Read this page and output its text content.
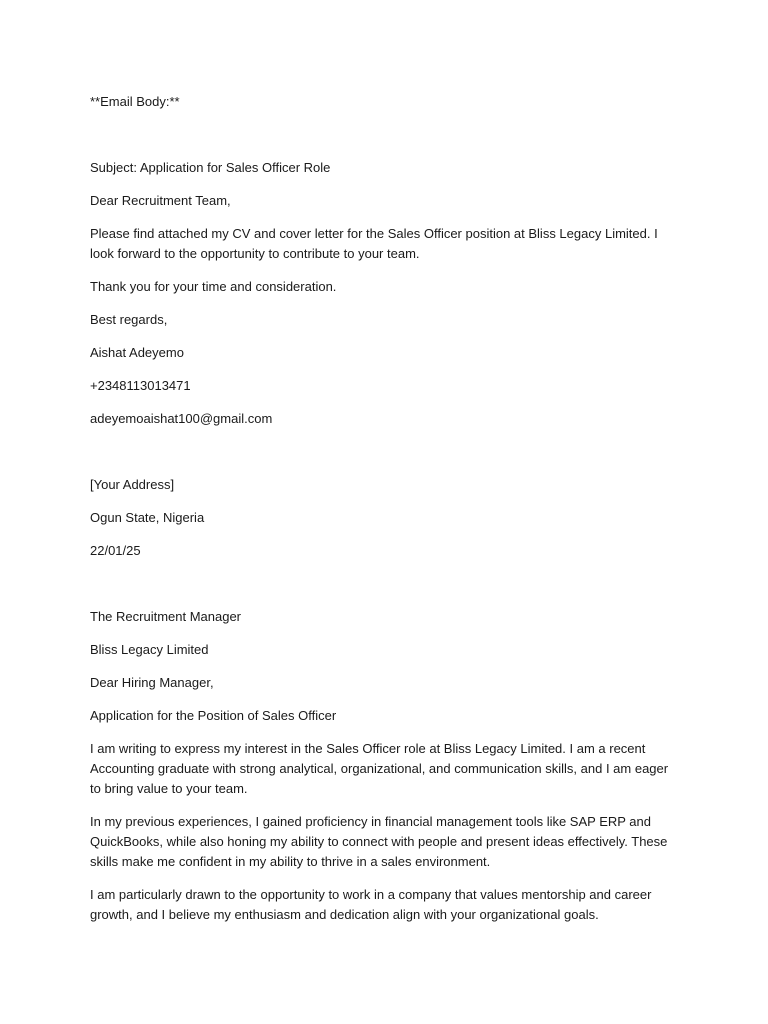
**Email Body:**

Subject: Application for Sales Officer Role

Dear Recruitment Team,

Please find attached my CV and cover letter for the Sales Officer position at Bliss Legacy Limited. I look forward to the opportunity to contribute to your team.

Thank you for your time and consideration.

Best regards,

Aishat Adeyemo

+2348113013471

adeyemoaishat100@gmail.com

[Your Address]

Ogun State, Nigeria

22/01/25

The Recruitment Manager

Bliss Legacy Limited

Dear Hiring Manager,

Application for the Position of Sales Officer

I am writing to express my interest in the Sales Officer role at Bliss Legacy Limited. I am a recent Accounting graduate with strong analytical, organizational, and communication skills, and I am eager to bring value to your team.

In my previous experiences, I gained proficiency in financial management tools like SAP ERP and QuickBooks, while also honing my ability to connect with people and present ideas effectively. These skills make me confident in my ability to thrive in a sales environment.

I am particularly drawn to the opportunity to work in a company that values mentorship and career growth, and I believe my enthusiasm and dedication align with your organizational goals.
